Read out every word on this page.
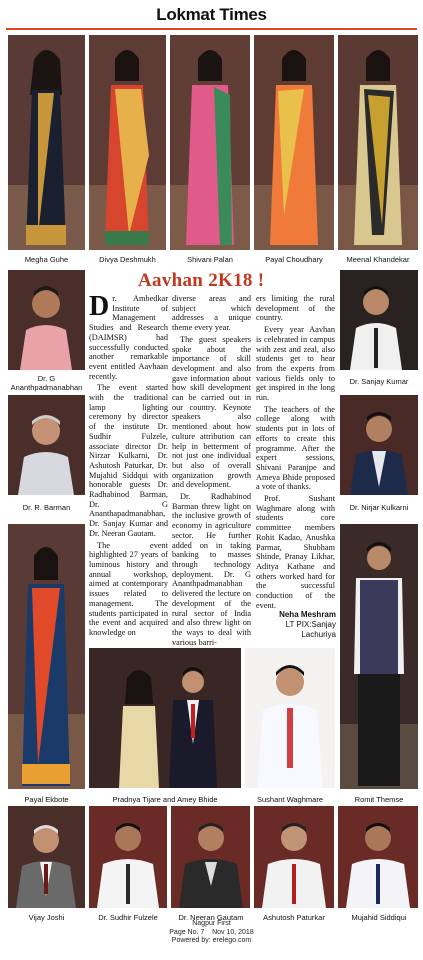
Lokmat Times
Megha Guhe	Divya Deshmukh	Shivani Palan	Payal Choudhary	Meenal Khandekar
Aavhan 2K18 !
Dr. G Ananthpadmanabhan
Dr. R. Barman
Payal Ekbote
Dr. Sanjay Kumar
Dr. Nirjar Kulkarni
Romit Themse

Dr. Ambedkar Institute of Management Studies and Research (DAIMSR) had successfully conducted another remarkable event entitled Aavhaan recently.

The event started with the traditional lamp lighting ceremony by director of the institute Dr. Sudhir Fulzele, associate director Dr. Nirzar Kulkarni, Dr. Ashutosh Paturkar, Dr. Mujahid Siddqui with honorable guests Dr. Radhabinod Barman, Dr. G Ananthapadmanabhan, Dr. Sanjay Kumar and Dr. Neeran Gautam.

The event highlighted 27 years of luminous history and annual workshop, aimed at contemporary issues related to management. The students participated in the event and acquired knowledge on

diverse areas and subject which addresses a unique theme every year.

The guest speakers spoke about the importance of skill development and also gave information about how skill development can be carried out in our country. Keynote speakers also mentioned about how culture attribution can help in betterment of not just one individual but also of overall organization growth and development.

Dr. Radhabinod Barman threw light on the inclusive growth of economy in agriculture sector. He further added on in taking banking to masses through technology deployment. Dr. G Ananthpadmanabhan delivered the lecture on development of the rural sector of India and also threw light on the ways to deal with various barri-

ers limiting the rural development of the country.

Every year Aavhan is celebrated in campus with zest and zeal, also students get to hear from the experts from various fields only to get inspired in the long run.

The teachers of the college along with students put in lots of efforts to create this programme. After the expert sessions, Shivani Paranjpe and Ameya Bhide proposed a vote of thanks.

Prof. Sushant Waghmare along with students core committee members Rohit Kadao, Anushka Parmar, Shubham Shinde, Pranay Likhar, Aditya Kathane and others worked hard for the successful conduction of the event.

Neha Meshram
LT PIX:Sanjay Lachuriya
Pradnya Tijare and Amey Bhide	Sushant Waghmare
Vijay Joshi	Dr. Sudhir Fulzele	Dr. Neeran Gautam	Ashutosh Paturkar	Mujahid Siddiqui
Nagpur First
Page No. 7    Nov 10, 2018
Powered by: erelego.com
